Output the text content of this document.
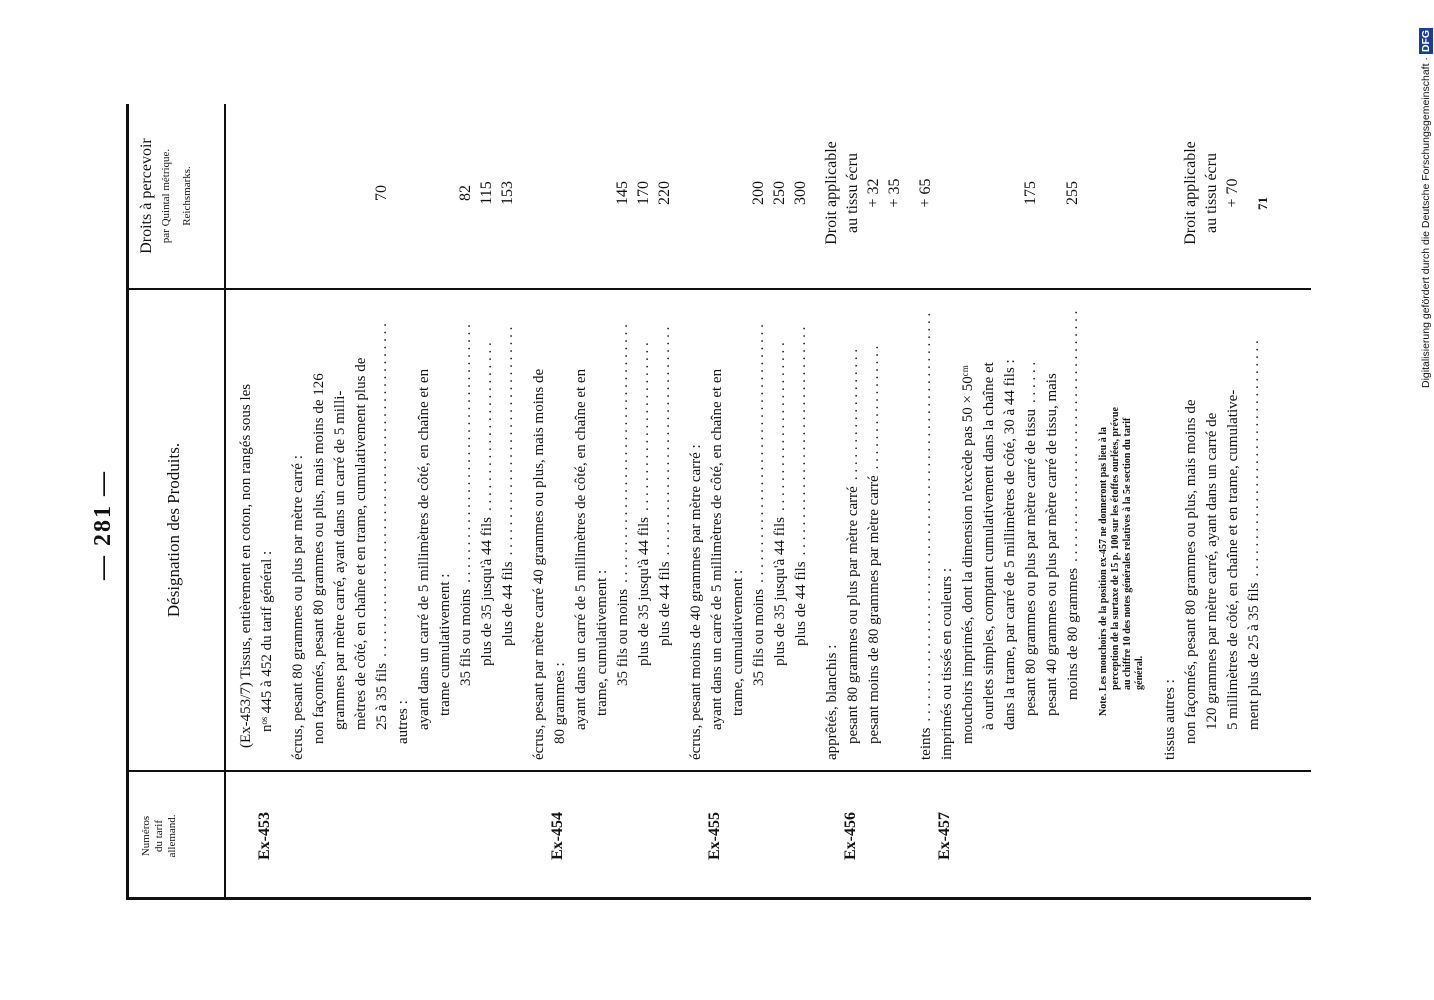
— 281 —
Numéros du tarif allemand.
Désignation des Produits.
Droits à percevoir par Quintal métrique. Reichsmarks.
Ex-453
(Ex-453/7) Tissus, entièrement en coton, non rangés sous les nᵒˢ 445 à 452 du tarif général : écrus, pesant 80 grammes ou plus par mètre carré : non façonnés, pesant 80 grammes ou plus, mais moins de 126 grammes par mètre carré, ayant dans un carré de 5 milli- mètres de côté, en chaîne et en trame, cumulativement plus de 25 à 35 fils. . .
70
autres : ayant dans un carré de 5 millimètres de côté, en chaîne et en trame cumulativement : 35 fils ou moins. . .
82
plus de 35 jusqu'à 44 fils. . .
115
plus de 44 fils. . .
153
Ex-454
écrus, pesant par mètre carré 40 grammes ou plus, mais moins de 80 grammes : ayant dans un carré de 5 millimètres de côté, en chaîne et en trame, cumulativement : 35 fils ou moins. . .
145
plus de 35 jusqu'à 44 fils. . .
170
plus de 44 fils. . .
220
Ex-455
écrus, pesant moins de 40 grammes par mètre carré : ayant dans un carré de 5 millimètres de côté, en chaîne et en trame, cumulativement : 35 fils ou moins. . .
200
plus de 35 jusqu'à 44 fils. . .
250
plus de 44 fils. . .
300
Ex-456
apprêtés, blanchis :
Droit applicable
pesant 80 grammes ou plus par mètre carré. . .
au tissu écru
pesant moins de 80 grammes par mètre carré. . .
+ 32 + 35
Ex-457
teints. . .
+ 65
imprimés ou tissés en couleurs : mouchoirs imprimés, dont la dimension n'excède pas 50 × 50ᶜᵐ à ourlets simples, comptant cumulativement dans la chaîne et dans la trame, par carré de 5 millimètres de côté, 30 à 44 fils : pesant 80 grammes ou plus par mètre carré de tissu. . .
175
pesant 40 grammes ou plus par mètre carré de tissu, mais moins de 80 grammes. . .
255
Note. Les mouchoirs de la position ex-457 ne donneront pas lieu à la perception de la surtaxe de 15 p. 100 sur les étoffes ourlées, prévue au chiffre 10 des notes générales relatives à la 5e section du tarif général.
tissus autres : non façonnés, pesant 80 grammes ou plus, mais moins de
Droit applicable
120 grammes par mètre carré, ayant dans un carré de
au tissu écru
5 millimètres de côté, en chaîne et en trame, cumulative-
+ 70
ment plus de 25 à 35 fils. . .
71	Digitalisierung gefördert durch die Deutsche Forschungsgemeinschaft ·DFG
